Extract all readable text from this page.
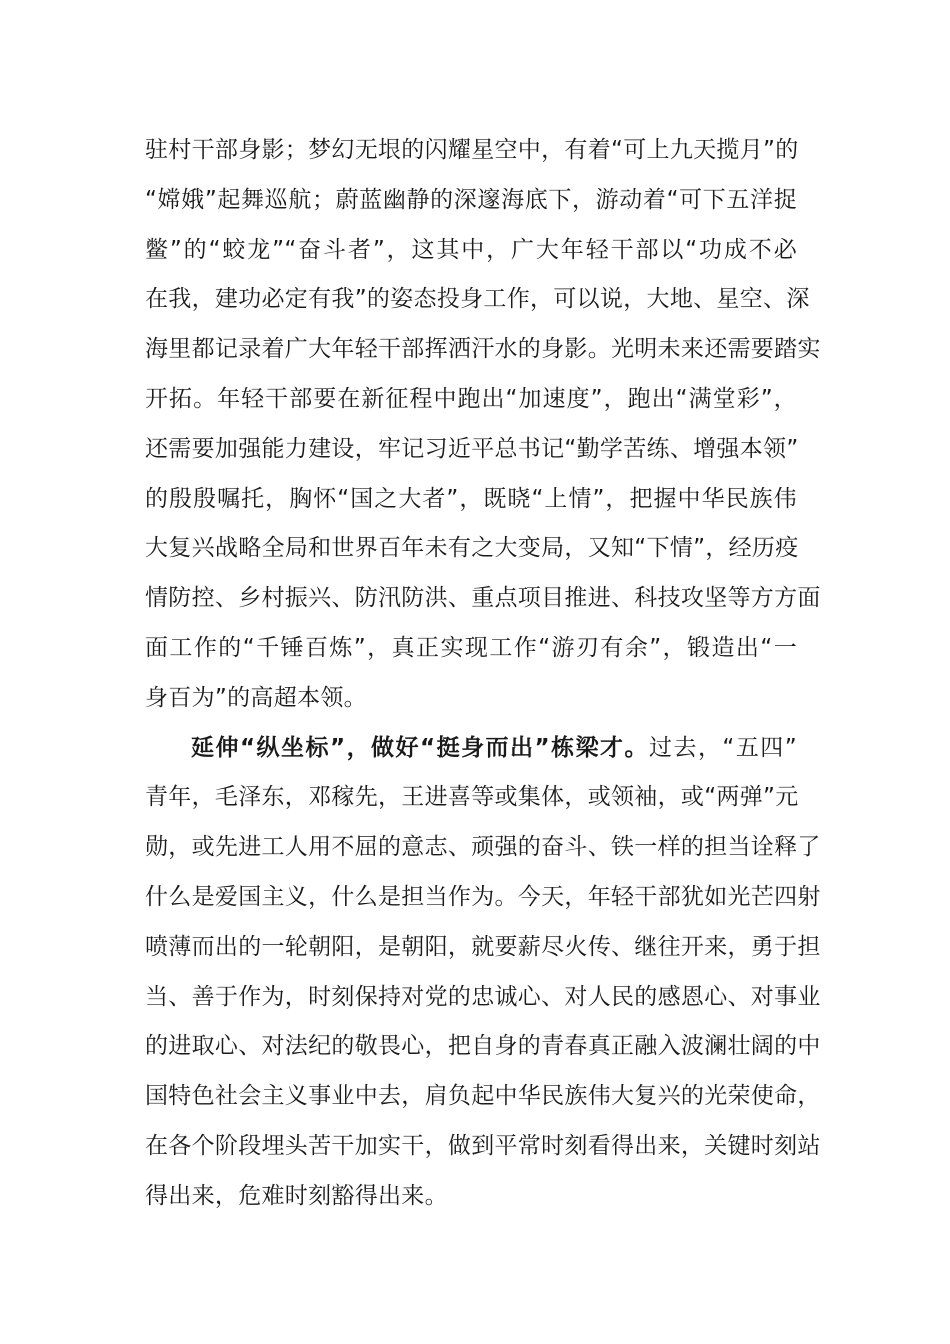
驻村干部身影；梦幻无垠的闪耀星空中，有着“可上九天揽月”的
“嫦娥”起舞巡航；蔚蓝幽静的深邃海底下，游动着“可下五洋捉
鳖”的“蛟龙”“奋斗者”，这其中，广大年轻干部以“功成不必
在我，建功必定有我”的姿态投身工作，可以说，大地、星空、深
海里都记录着广大年轻干部挥洒汗水的身影。光明未来还需要踏实
开拓。年轻干部要在新征程中跑出“加速度”，跑出“满堂彩”，
还需要加强能力建设，牢记习近平总书记“勤学苦练、增强本领”
的殷殷嘱托，胸怀“国之大者”，既晓“上情”，把握中华民族伟
大复兴战略全局和世界百年未有之大变局，又知“下情”，经历疫
情防控、乡村振兴、防汛防洪、重点项目推进、科技攻坚等方方面
面工作的“千锤百炼”，真正实现工作“游刃有余”，锻造出“一
身百为”的高超本领。
延伸“纵坐标”，做好“挺身而出”栋梁才。过去，“五四”
青年，毛泽东，邓稼先，王进喜等或集体，或领袖，或“两弹”元
勋，或先进工人用不屈的意志、顽强的奋斗、铁一样的担当诠释了
什么是爱国主义，什么是担当作为。今天，年轻干部犹如光芒四射
喷薄而出的一轮朝阳，是朝阳，就要薪尽火传、继往开来，勇于担
当、善于作为，时刻保持对党的忠诚心、对人民的感恩心、对事业
的进取心、对法纪的敬畏心，把自身的青春真正融入波澜壮阔的中
国特色社会主义事业中去，肩负起中华民族伟大复兴的光荣使命，
在各个阶段埋头苦干加实干，做到平常时刻看得出来，关键时刻站
得出来，危难时刻豁得出来。
